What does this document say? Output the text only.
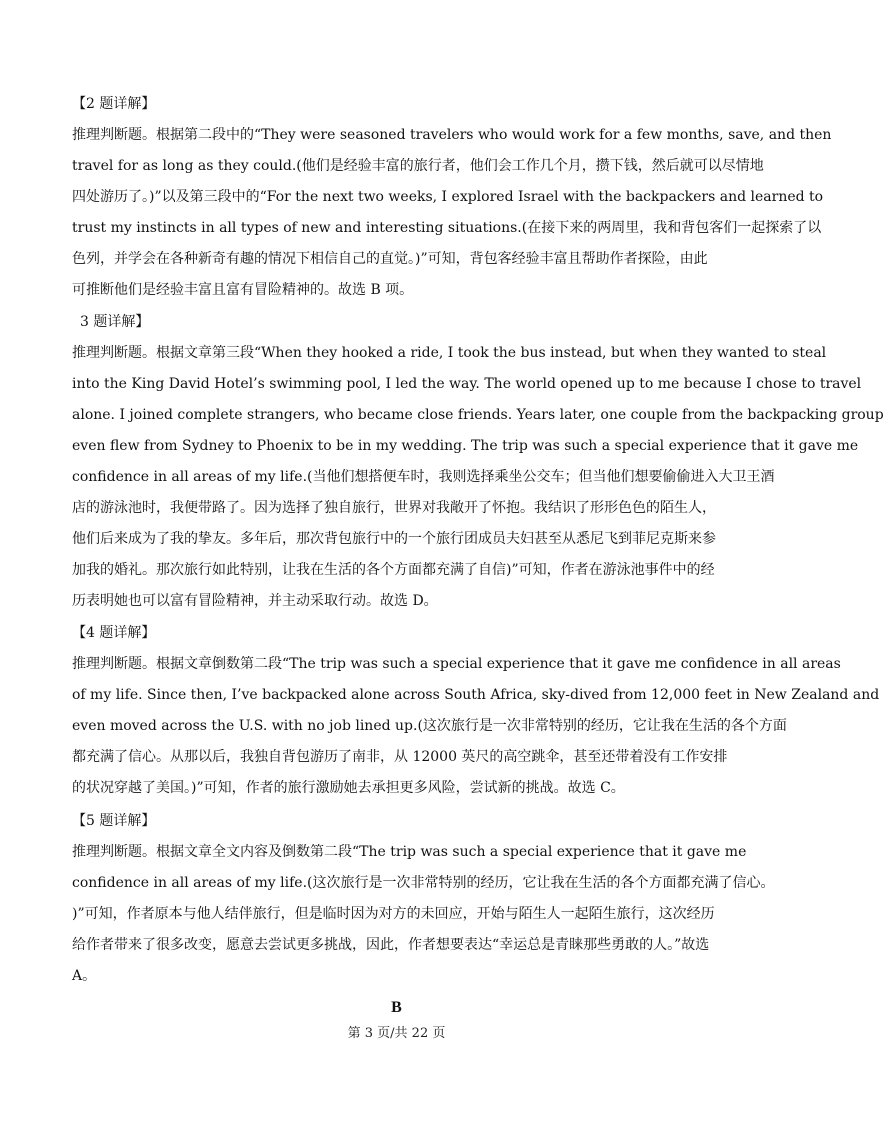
【2 题详解】
推理判断题。根据第二段中的“They were seasoned travelers who would work for a few months, save, and then
travel for as long as they could.(他们是经验丰富的旅行者，他们会工作几个月，攒下钱，然后就可以尽情地
四处游历了。)”以及第三段中的“For the next two weeks, I explored Israel with the backpackers and learned to
trust my instincts in all types of new and interesting situations.(在接下来的两周里，我和背包客们一起探索了以
色列，并学会在各种新奇有趣的情况下相信自己的直觉。)”可知，背包客经验丰富且帮助作者探险，由此
可推断他们是经验丰富且富有冒险精神的。故选 B 项。
3 题详解】
推理判断题。根据文章第三段“When they hooked a ride, I took the bus instead, but when they wanted to steal
into the King David Hotel’s swimming pool, I led the way. The world opened up to me because I chose to travel
alone. I joined complete strangers, who became close friends. Years later, one couple from the backpacking group
even flew from Sydney to Phoenix to be in my wedding. The trip was such a special experience that it gave me
confidence in all areas of my life.(当他们想搭便车时，我则选择乘坐公交车；但当他们想要偷偷进入大卫王酒
店的游泳池时，我便带路了。因为选择了独自旅行，世界对我敞开了怀抱。我结识了形形色色的陌生人，
他们后来成为了我的挚友。多年后，那次背包旅行中的一个旅行团成员夫妇甚至从悉尼飞到菲尼克斯来参
加我的婚礼。那次旅行如此特别，让我在生活的各个方面都充满了自信)”可知，作者在游泳池事件中的经
历表明她也可以富有冒险精神，并主动采取行动。故选 D。
【4 题详解】
推理判断题。根据文章倒数第二段“The trip was such a special experience that it gave me confidence in all areas
of my life. Since then, I’ve backpacked alone across South Africa, sky-dived from 12,000 feet in New Zealand and
even moved across the U.S. with no job lined up.(这次旅行是一次非常特别的经历，它让我在生活的各个方面
都充满了信心。从那以后，我独自背包游历了南非，从 12000 英尺的高空跳伞，甚至还带着没有工作安排
的状况穿越了美国。)”可知，作者的旅行激励她去承担更多风险，尝试新的挑战。故选 C。
【5 题详解】
推理判断题。根据文章全文内容及倒数第二段“The trip was such a special experience that it gave me
confidence in all areas of my life.(这次旅行是一次非常特别的经历，它让我在生活的各个方面都充满了信心。
)”可知，作者原本与他人结伴旅行，但是临时因为对方的未回应，开始与陌生人一起陌生旅行，这次经历
给作者带来了很多改变，愿意去尝试更多挑战，因此，作者想要表达“幸运总是青睐那些勇敢的人。”故选
A。
B
第 3 页/共 22 页
